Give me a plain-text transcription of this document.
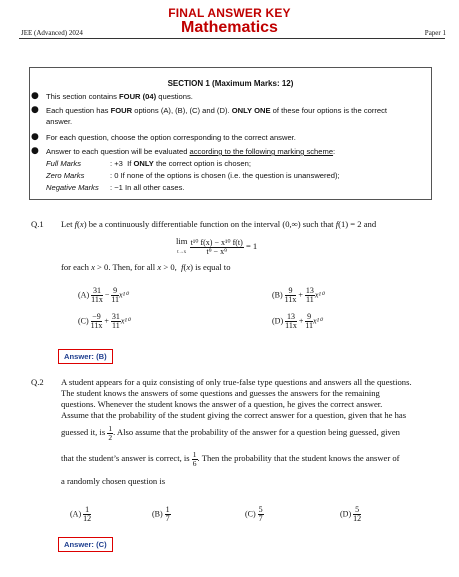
FINAL ANSWER KEY
Mathematics
JEE (Advanced) 2024	Paper 1
SECTION 1 (Maximum Marks: 12)
● This section contains FOUR (04) questions.
● Each question has FOUR options (A), (B), (C) and (D). ONLY ONE of these four options is the correct
answer.
● For each question, choose the option corresponding to the correct answer.
● Answer to each question will be evaluated according to the following marking scheme:
Full Marks	: +3  If ONLY the correct option is chosen;
Zero Marks	: 0 If none of the options is chosen (i.e. the question is unanswered);
Negative Marks : −1 In all other cases.
Q.1 Let f(x) be a continuously differentiable function on the interval (0,∞) such that f(1) = 2 and
lim
t→x
$\frac{\text{t¹⁰ f(x) − x¹⁰ f(t)}}{\text{t⁹ − x⁹}} = 1$
for each x > 0. Then, for all x > 0,  f(x) is equal to
$(A) \frac{31}{11x} - \frac{9}{11} x^{10}$	$(B) \frac{9}{11x} + \frac{13}{11} x^{10}$
$(C) \frac{-9}{11x} + \frac{31}{11} x^{10}$	$(D) \frac{13}{11x} + \frac{9}{11} x^{10}$
Answer: (B)
Q.2 A student appears for a quiz consisting of only true-false type questions and answers all the questions.
The student knows the answers of some questions and guesses the answers for the remaining
questions. Whenever the student knows the answer of a question, he gives the correct answer.
Assume that the probability of the student giving the correct answer for a question, given that he has
guessed it, is $\frac{1}{2}$ . Also assume that the probability of the answer for a question being guessed, given
that the student’s answer is correct, is $\frac{1}{6}$ . Then the probability that the student knows the answer of
a randomly chosen question is
$(A) \frac{1}{12}$	$(B) \frac{1}{7}$	$(C) \frac{5}{7}$	$(D) \frac{5}{12}$
Answer: (C)
